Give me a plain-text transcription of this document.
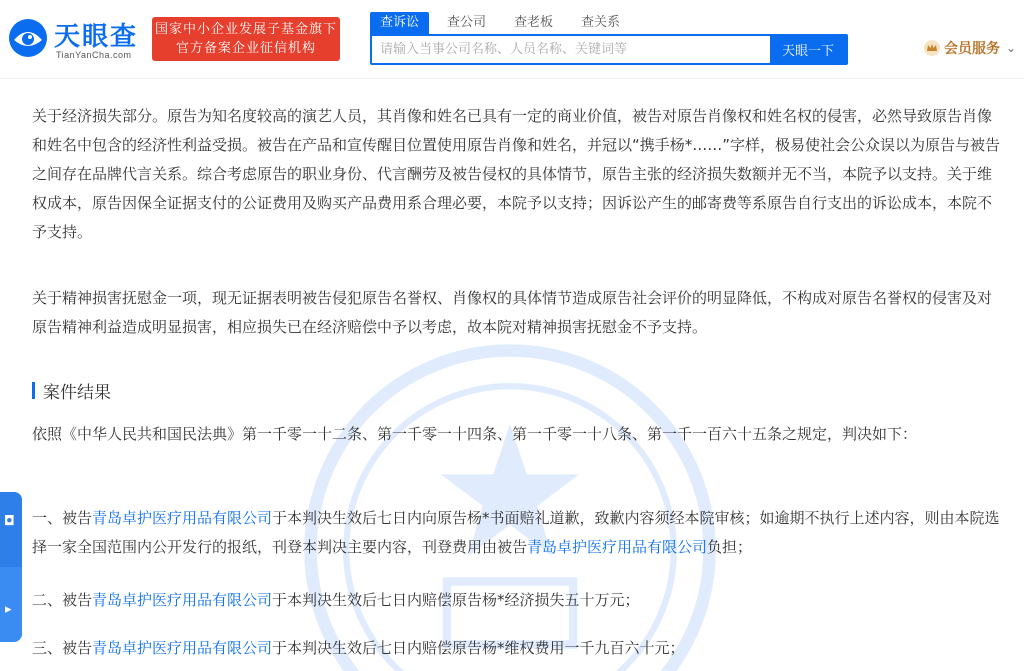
天眼查
TianYanCha.com
国家中小企业发展子基金旗下
官方备案企业征信机构
查诉讼	查公司	查老板	查关系
请输入当事公司名称、人员名称、关键词等
天眼一下	会员服务 ⌄
关于经济损失部分。原告为知名度较高的演艺人员，其肖像和姓名已具有一定的商业价值，被告对原告肖像权和姓名权的侵害，必然导致原告肖像和姓名中包含的经济性利益受损。被告在产品和宣传醒目位置使用原告肖像和姓名，并冠以“携手杨*……”字样，极易使社会公众误以为原告与被告之间存在品牌代言关系。综合考虑原告的职业身份、代言酬劳及被告侵权的具体情节，原告主张的经济损失数额并无不当，本院予以支持。关于维权成本，原告因保全证据支付的公证费用及购买产品费用系合理必要，本院予以支持；因诉讼产生的邮寄费等系原告自行支出的诉讼成本，本院不予支持。
关于精神损害抚慰金一项，现无证据表明被告侵犯原告名誉权、肖像权的具体情节造成原告社会评价的明显降低，不构成对原告名誉权的侵害及对原告精神利益造成明显损害，相应损失已在经济赔偿中予以考虑，故本院对精神损害抚慰金不予支持。
案件结果
依照《中华人民共和国民法典》第一千零一十二条、第一千零一十四条、第一千零一十八条、第一千一百六十五条之规定，判决如下：
一、被告青岛卓护医疗用品有限公司于本判决生效后七日内向原告杨*书面赔礼道歉，致歉内容须经本院审核；如逾期不执行上述内容，则由本院选择一家全国范围内公开发行的报纸，刊登本判决主要内容，刊登费用由被告青岛卓护医疗用品有限公司负担；
二、被告青岛卓护医疗用品有限公司于本判决生效后七日内赔偿原告杨*经济损失五十万元；
三、被告青岛卓护医疗用品有限公司于本判决生效后七日内赔偿原告杨*维权费用一千九百六十元；
◘
▸
